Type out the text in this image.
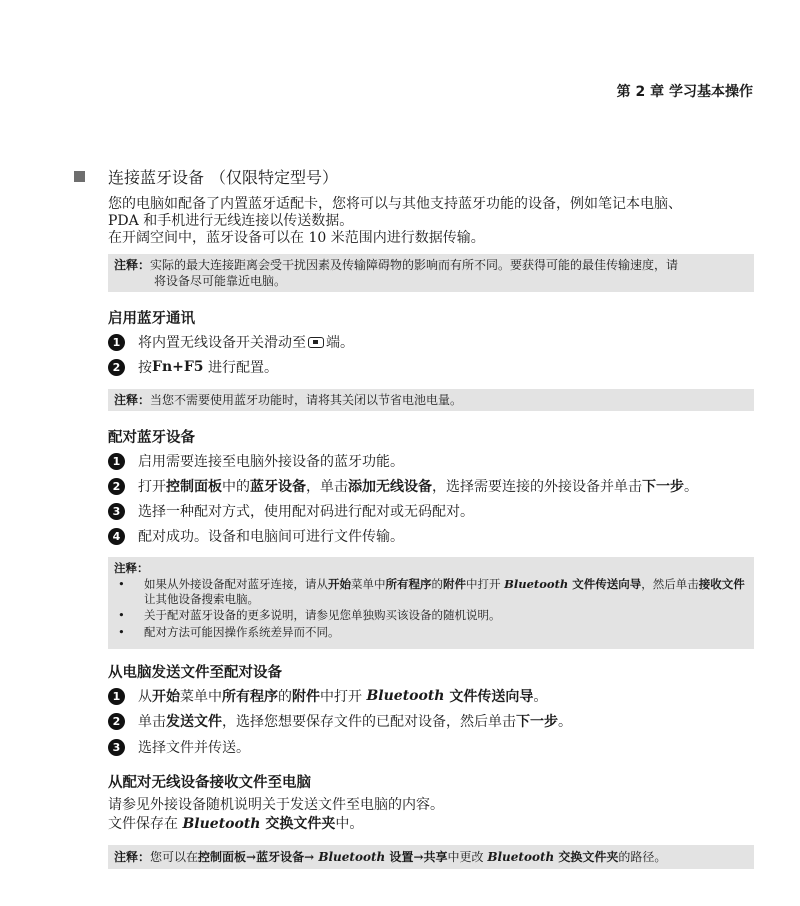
第 2 章 学习基本操作
连接蓝牙设备 （仅限特定型号）
您的电脑如配备了内置蓝牙适配卡，您将可以与其他支持蓝牙功能的设备，例如笔记本电脑、
PDA 和手机进行无线连接以传送数据。
在开阔空间中，蓝牙设备可以在 10 米范围内进行数据传输。
注释：实际的最大连接距离会受干扰因素及传输障碍物的影响而有所不同。要获得可能的最佳传输速度，请
将设备尽可能靠近电脑。
启用蓝牙通讯
1	将内置无线设备开关滑动至 端。
2	按 Fn+F5 进行配置。
注释：当您不需要使用蓝牙功能时，请将其关闭以节省电池电量。
配对蓝牙设备
1	启用需要连接至电脑外接设备的蓝牙功能。
2	打开 控制面板 中的 蓝牙设备 ，单击 添加无线设备 ，选择需要连接的外接设备并单击 下一步 。
3	选择一种配对方式，使用配对码进行配对或无码配对。
4	配对成功。设备和电脑间可进行文件传输。
注释：
• 如果从外接设备配对蓝牙连接，请从开始菜单中所有程序的附件中打开 Bluetooth 文件传送向导，然后单击接收文件让其他设备搜索电脑。
• 关于配对蓝牙设备的更多说明，请参见您单独购买该设备的随机说明。
• 配对方法可能因操作系统差异而不同。
从电脑发送文件至配对设备
1	从 开始 菜单中 所有程序 的 附件 中打开 Bluetooth 文件传送向导 。
2	单击 发送文件 ，选择您想要保存文件的已配对设备，然后单击 下一步 。
3	选择文件并传送。
从配对无线设备接收文件至电脑
请参见外接设备随机说明关于发送文件至电脑的内容。
文件保存在 Bluetooth 交换文件夹中。
注释：您可以在控制面板→蓝牙设备→ Bluetooth 设置→共享中更改 Bluetooth 交换文件夹的路径。
